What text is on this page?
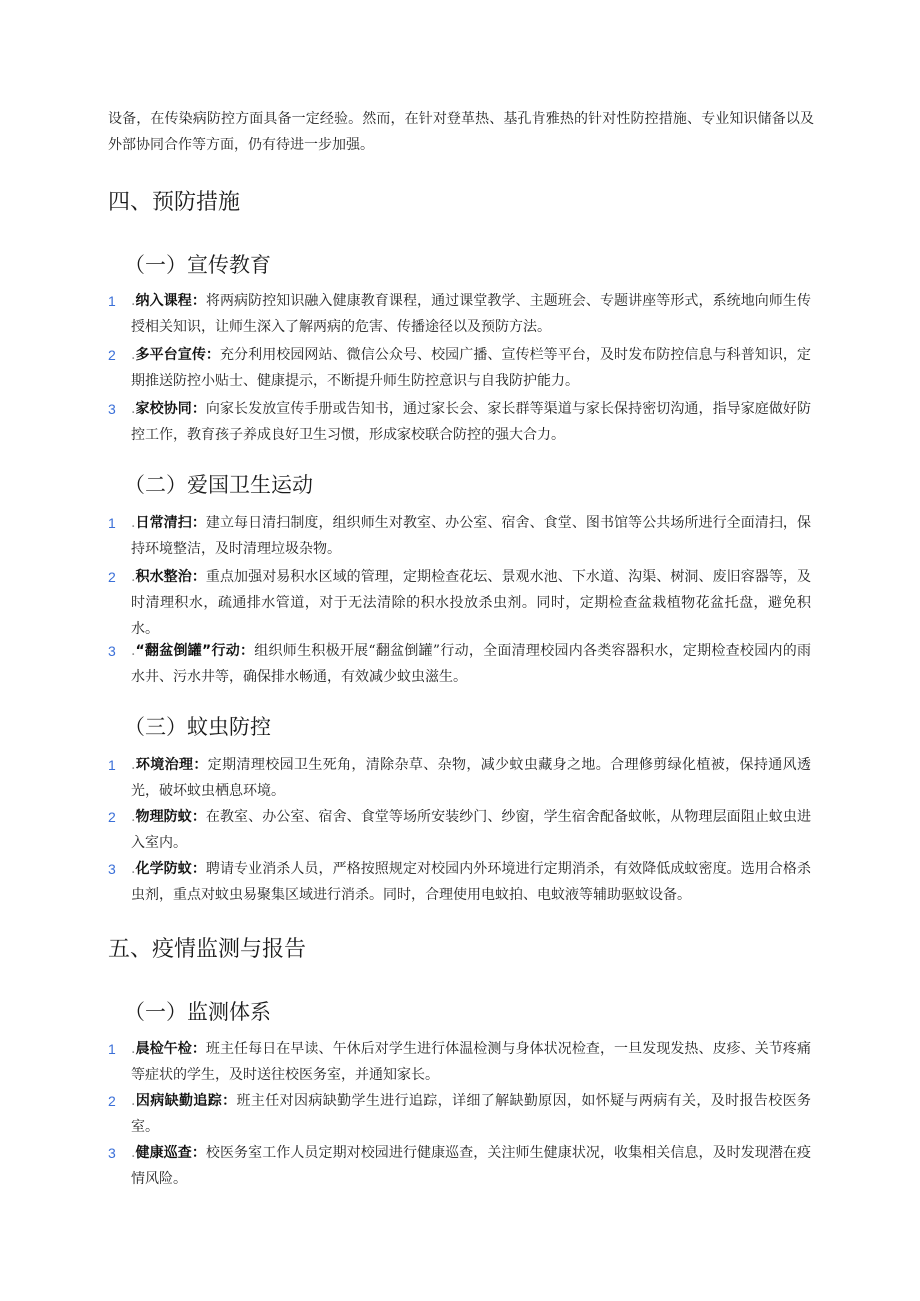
设备，在传染病防控方面具备一定经验。然而，在针对登革热、基孔肯雅热的针对性防控措施、专业知识储备以及外部协同合作等方面，仍有待进一步加强。

四、预防措施
（一）宣传教育
1	.纳入课程：将两病防控知识融入健康教育课程，通过课堂教学、主题班会、专题讲座等形式，系统地向师生传授相关知识，让师生深入了解两病的危害、传播途径以及预防方法。
2	.多平台宣传：充分利用校园网站、微信公众号、校园广播、宣传栏等平台，及时发布防控信息与科普知识，定期推送防控小贴士、健康提示，不断提升师生防控意识与自我防护能力。
3	.家校协同：向家长发放宣传手册或告知书，通过家长会、家长群等渠道与家长保持密切沟通，指导家庭做好防控工作，教育孩子养成良好卫生习惯，形成家校联合防控的强大合力。
（二）爱国卫生运动
1	.日常清扫：建立每日清扫制度，组织师生对教室、办公室、宿舍、食堂、图书馆等公共场所进行全面清扫，保持环境整洁，及时清理垃圾杂物。
2	.积水整治：重点加强对易积水区域的管理，定期检查花坛、景观水池、下水道、沟渠、树洞、废旧容器等，及时清理积水，疏通排水管道，对于无法清除的积水投放杀虫剂。同时，定期检查盆栽植物花盆托盘，避免积水。
3	.“翻盆倒罐”行动：组织师生积极开展“翻盆倒罐”行动，全面清理校园内各类容器积水，定期检查校园内的雨水井、污水井等，确保排水畅通，有效减少蚊虫滋生。
（三）蚊虫防控
1	.环境治理：定期清理校园卫生死角，清除杂草、杂物，减少蚊虫藏身之地。合理修剪绿化植被，保持通风透光，破坏蚊虫栖息环境。
2	.物理防蚊：在教室、办公室、宿舍、食堂等场所安装纱门、纱窗，学生宿舍配备蚊帐，从物理层面阻止蚊虫进入室内。
3	.化学防蚊：聘请专业消杀人员，严格按照规定对校园内外环境进行定期消杀，有效降低成蚊密度。选用合格杀虫剂，重点对蚊虫易聚集区域进行消杀。同时，合理使用电蚊拍、电蚊液等辅助驱蚊设备。
五、疫情监测与报告
（一）监测体系
1	.晨检午检：班主任每日在早读、午休后对学生进行体温检测与身体状况检查，一旦发现发热、皮疹、关节疼痛等症状的学生，及时送往校医务室，并通知家长。
2	.因病缺勤追踪：班主任对因病缺勤学生进行追踪，详细了解缺勤原因，如怀疑与两病有关，及时报告校医务室。
3	.健康巡查：校医务室工作人员定期对校园进行健康巡查，关注师生健康状况，收集相关信息，及时发现潜在疫情风险。
